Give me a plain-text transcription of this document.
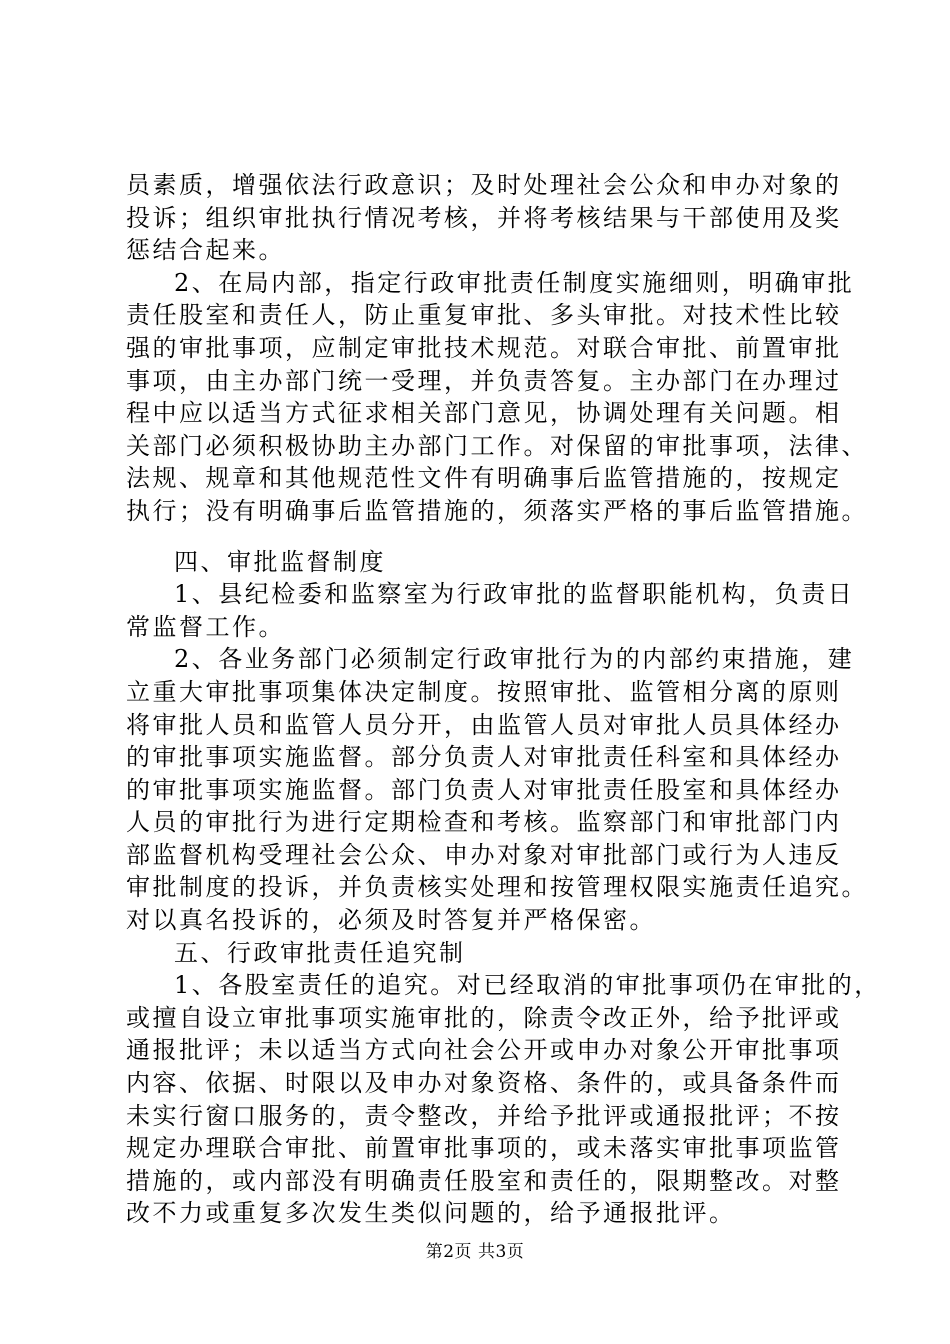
员素质，增强依法行政意识；及时处理社会公众和申办对象的
投诉；组织审批执行情况考核，并将考核结果与干部使用及奖
惩结合起来。
2、在局内部，指定行政审批责任制度实施细则，明确审批
责任股室和责任人，防止重复审批、多头审批。对技术性比较
强的审批事项，应制定审批技术规范。对联合审批、前置审批
事项，由主办部门统一受理，并负责答复。主办部门在办理过
程中应以适当方式征求相关部门意见，协调处理有关问题。相
关部门必须积极协助主办部门工作。对保留的审批事项，法律、
法规、规章和其他规范性文件有明确事后监管措施的，按规定
执行；没有明确事后监管措施的，须落实严格的事后监管措施。
四、审批监督制度
1、县纪检委和监察室为行政审批的监督职能机构，负责日
常监督工作。
2、各业务部门必须制定行政审批行为的内部约束措施，建
立重大审批事项集体决定制度。按照审批、监管相分离的原则
将审批人员和监管人员分开，由监管人员对审批人员具体经办
的审批事项实施监督。部分负责人对审批责任科室和具体经办
的审批事项实施监督。部门负责人对审批责任股室和具体经办
人员的审批行为进行定期检查和考核。监察部门和审批部门内
部监督机构受理社会公众、申办对象对审批部门或行为人违反
审批制度的投诉，并负责核实处理和按管理权限实施责任追究。
对以真名投诉的，必须及时答复并严格保密。
五、行政审批责任追究制
1、各股室责任的追究。对已经取消的审批事项仍在审批的，
或擅自设立审批事项实施审批的，除责令改正外，给予批评或
通报批评；未以适当方式向社会公开或申办对象公开审批事项
内容、依据、时限以及申办对象资格、条件的，或具备条件而
未实行窗口服务的，责令整改，并给予批评或通报批评；不按
规定办理联合审批、前置审批事项的，或未落实审批事项监管
措施的，或内部没有明确责任股室和责任的，限期整改。对整
改不力或重复多次发生类似问题的，给予通报批评。
第2页 共3页
